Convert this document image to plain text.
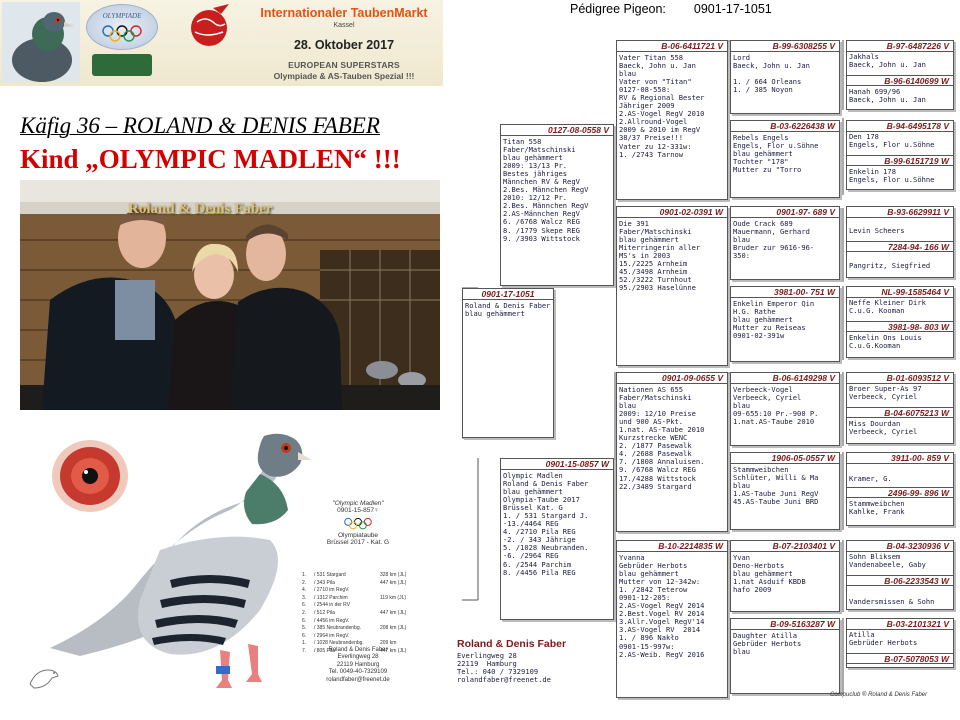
OLYMPIADE	Internationaler TaubenMarkt
Kassel
28. Oktober 2017
EUROPEAN SUPERSTARS
Olympiade & AS-Tauben Spezial !!!
Käfig 36 – ROLAND & DENIS FABER
Kind „OLYMPIC MADLEN“ !!!
Roland & Denis Faber
"Olympic Madlen"
0901-15-857♀
Olympiataube
Brüssel 2017 - Kat. G
1. / 531 Stargard	328 km (JL)
2. / 343 Pila	447 km (JL)
4. / 2710 im RegV.
3. / 1312 Parchim	119 km (JL)
6. / 2544 in der RV
2. / 512 Pila	447 km (JL)
6. / 4456 im RegV.
5. / 385 Neubrandenbg.	208 km (JL)
6. / 2964 im RegV.
1. / 1028 Neubrandenbg.	209 km
7. / 805 Pila	447 km (JL)
Roland & Denis Faber
Everlingweg 28
22119 Hamburg
Tel. 0049-40-7329109
rolandfaber@freenet.de
Pédigree Pigeon: 0901-17-1051
0901-17-1051
Roland & Denis Faber
blau gehämmert
0127-08-0558 V
Titan 558
Faber/Matschinski
blau gehämmert
2009: 13/13 Pr.
Bestes jähriges
Männchen RV & RegV
2.Bes. Männchen RegV
2010: 12/12 Pr.
2.Bes. Männchen RegV
2.AS-Männchen RegV
6. /6768 Walcz REG
8. /1779 Skepe REG
9. /3903 Wittstock
0901-15-0857 W
Olympic Madlen
Roland & Denis Faber
blau gehämmert
Olympia-Taube 2017
Brüssel Kat. G
1. / 531 Stargard J.
-13./4464 REG
4. /2710 Pila REG
-2. / 343 Jährige
5. /1028 Neubranden.
-6. /2964 REG
6. /2544 Parchim
8. /4456 Pila REG
B-06-6411721 V
Vater Titan 558
Baeck, John u. Jan
blau
Vater von "Titan"
0127-08-558:
RV & Regional Bester
Jähriger 2009
2.AS-Vogel RegV 2010
2.Allround-Vogel
2009 & 2010 im RegV
38/37 Preise!!!
Vater zu 12-331w:
1. /2743 Tarnow
0901-02-0391 W
Die 391
Faber/Matschinski
blau gehämmert
Miterringerin aller
MS's in 2003
15./2225 Arnheim
45./3498 Arnheim
52./3222 Turnhout
95./2903 Haselünne
0901-09-0655 V
Nationen AS 655
Faber/Matschinski
blau
2009: 12/10 Preise
und 900 AS-Pkt.
1.nat. AS-Taube 2010
Kurzstrecke WENC
2. /1877 Pasewalk
4. /2688 Pasewalk
7. /1808 Annaluisen.
9. /6768 Walcz REG
17./4288 Wittstock
22./3489 Stargard
B-10-2214835 W
Yvanna
Gebrüder Herbots
blau gehämmert
Mutter von 12-342w:
1. /2842 Teterow
0901-12-205:
2.AS-Vogel RegV 2014
2.Best.Vogel RV 2014
3.Allr.Vogel RegV'14
3.AS-Vogel RV  2014
1. / 896 Nakło
0901-15-997w:
2.AS-Weib. RegV 2016
B-99-6308255 V
Lord
Baeck, John u. Jan

1. / 664 Orleans
1. / 385 Noyon
B-03-6226438 W
Rebels Engels
Engels, Flor u.Söhne
blau gehämmert
Tochter "178"
Mutter zu "Torro
0901-97- 689 V
Oude Crack 689
Mauermann, Gerhard
blau
Bruder zur 9616-96-
350:
3981-00- 751 W
Enkelin Emperor Qin
H.G. Rathe
blau gehämmert
Mutter zu Reiseas
0901-02-391w
B-06-6149298 V
Verbeeck-Vogel
Verbeeck, Cyriel
blau
09-655:10 Pr.-900 P.
1.nat.AS-Taube 2010
1906-05-0557 W
Stammweibchen
Schlüter, Willi & Ma
blau
1.AS-Taube Juni RegV
45.AS-Taube Juni BRD
B-07-2103401 V
Yvan
Deno-Herbots
blau gehämmert
1.nat Asduif KBDB
hafo 2009
B-09-5163287 W
Daughter Atilla
Gebrüder Herbots
blau
B-97-6487226 V
Jakhals
Baeck, John u. Jan
B-96-6140699 W
Hanah 699/96
Baeck, John u. Jan
B-94-6495178 V
Den 178
Engels, Flor u.Söhne
B-99-6151719 W
Enkelin 178
Engels, Flor u.Söhne
B-93-6629911 V
Levin Scheers
7284-94- 166 W
Pangritz, Siegfried
NL-99-1585464 V
Neffe Kleiner Dirk
C.u.G. Kooman
3981-98- 803 W
Enkelin Ons Louis
C.u.G.Kooman
B-01-6093512 V
Broer Super-As 97
Verbeeck, Cyriel
B-04-6075213 W
Miss Dourdan
Verbeeck, Cyriel
3911-00- 859 V
Kramer, G.
2496-99- 896 W
Stammweibchen
Kahlke, Frank
B-04-3230936 V
Sohn Bliksem
Vandenabeele, Gaby
B-06-2233543 W
Vandersmissen & Sohn
B-03-2101321 V
Atilla
Gebrüder Herbots
B-07-5078053 W
Roland & Denis Faber
Everlingweg 28
22119  Hamburg
Tel.: 040 / 7329109
rolandfaber@freenet.de
Compuclub ® Roland & Denis Faber
